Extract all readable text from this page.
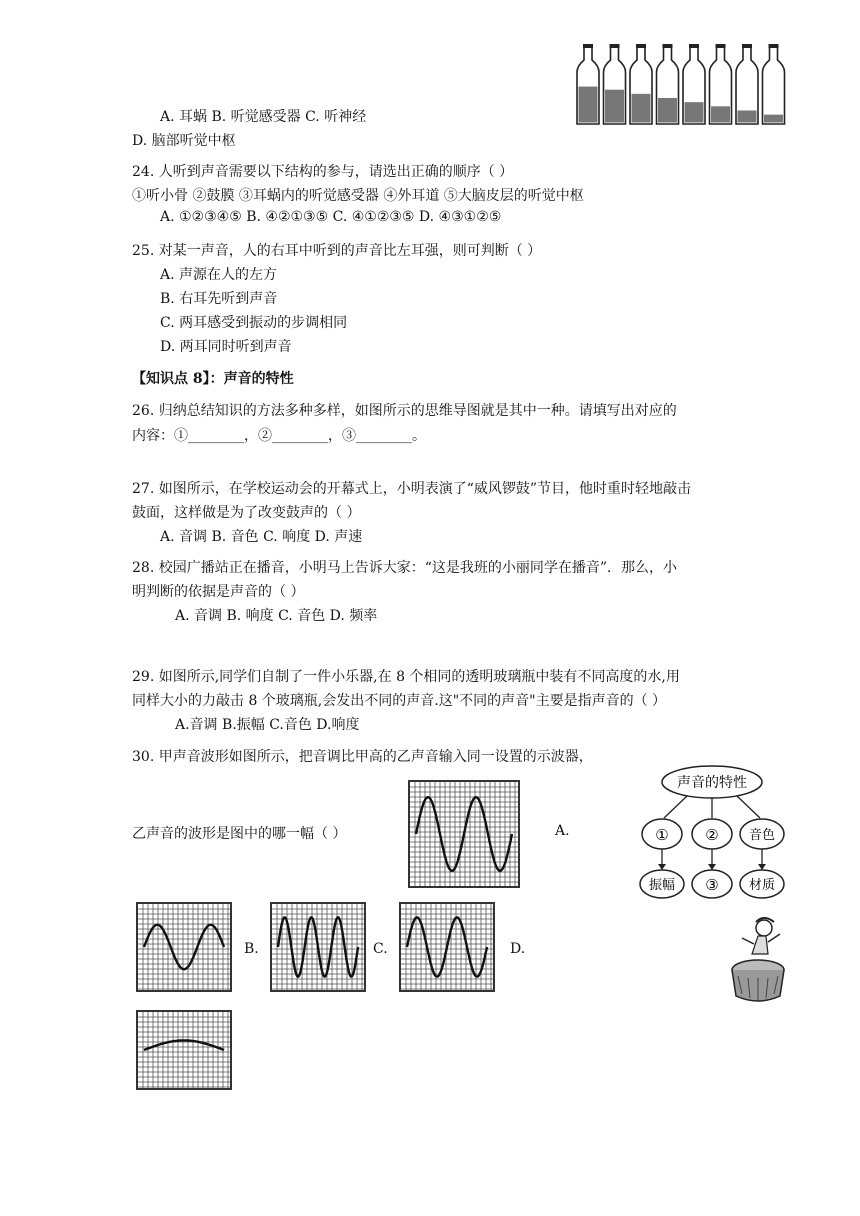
A. 耳蜗 B. 听觉感受器 C. 听神经
D. 脑部听觉中枢
24. 人听到声音需要以下结构的参与，请选出正确的顺序（ ）
①听小骨 ②鼓膜 ③耳蜗内的听觉感受器 ④外耳道 ⑤大脑皮层的听觉中枢
A. ①②③④⑤ B. ④②①③⑤ C. ④①②③⑤ D. ④③①②⑤
25. 对某一声音，人的右耳中听到的声音比左耳强，则可判断（ ）
A. 声源在人的左方
B. 右耳先听到声音
C. 两耳感受到振动的步调相同
D. 两耳同时听到声音
【知识点 8】：声音的特性
26. 归纳总结知识的方法多种多样，如图所示的思维导图就是其中一种。请填写出对应的
内容：①________，②________，③________。
27. 如图所示，在学校运动会的开幕式上，小明表演了“威风锣鼓”节目，他时重时轻地敲击
鼓面，这样做是为了改变鼓声的（ ）
A. 音调 B. 音色 C. 响度 D. 声速
28. 校园广播站正在播音，小明马上告诉大家：“这是我班的小丽同学在播音”．那么，小
明判断的依据是声音的（ ）
A. 音调 B. 响度 C. 音色 D. 频率
29. 如图所示,同学们自制了一件小乐器,在 8 个相同的透明玻璃瓶中装有不同高度的水,用
同样大小的力敲击 8 个玻璃瓶,会发出不同的声音.这"不同的声音"主要是指声音的（ ）
A.音调 B.振幅 C.音色 D.响度
30. 甲声音波形如图所示，把音调比甲高的乙声音输入同一设置的示波器，
乙声音的波形是图中的哪一幅（ ）	A.
B.	C.	D.
声音的特性
① ② 音色
振幅 ③ 材质
